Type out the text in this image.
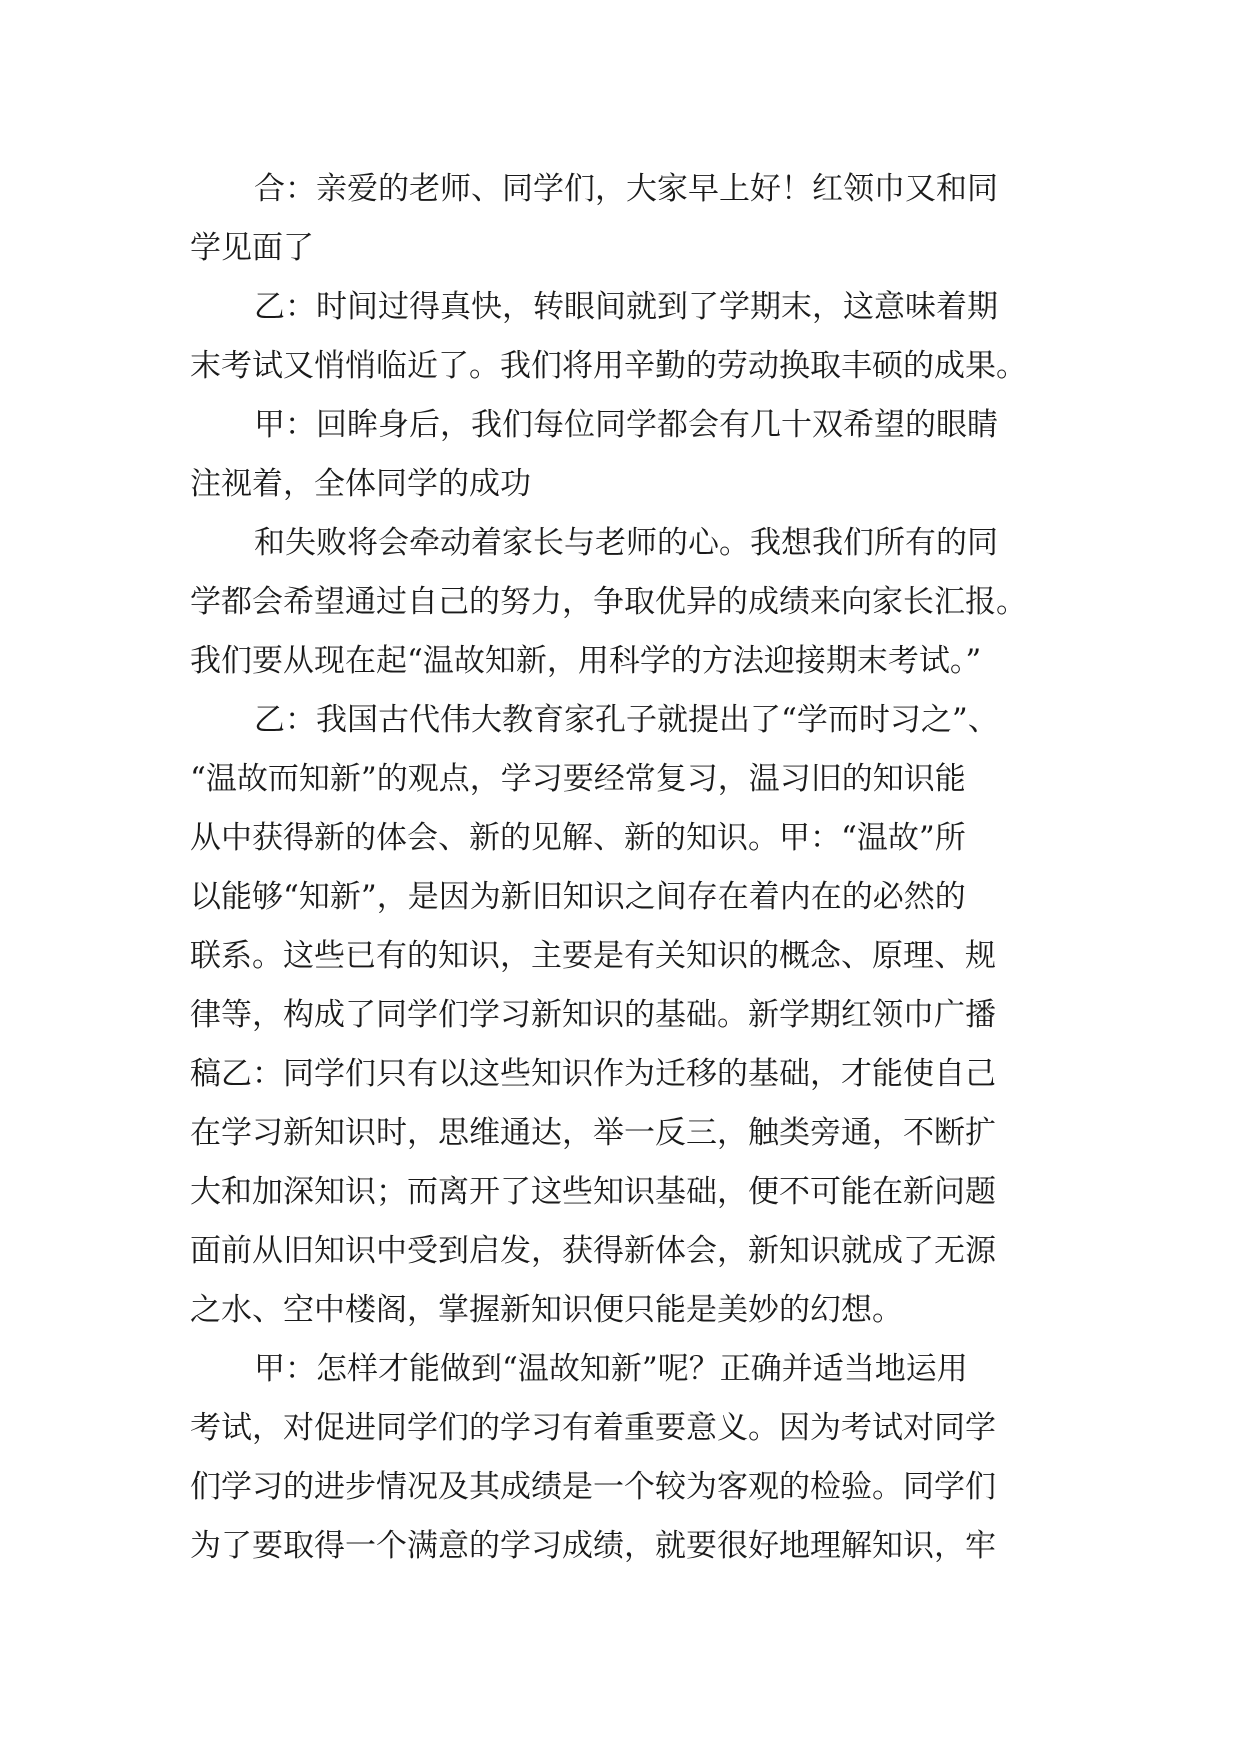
合：亲爱的老师、同学们，大家早上好！红领巾又和同
学见面了
乙：时间过得真快，转眼间就到了学期末，这意味着期
末考试又悄悄临近了。我们将用辛勤的劳动换取丰硕的成果。
甲：回眸身后，我们每位同学都会有几十双希望的眼睛
注视着，全体同学的成功
和失败将会牵动着家长与老师的心。我想我们所有的同
学都会希望通过自己的努力，争取优异的成绩来向家长汇报。
我们要从现在起“温故知新，用科学的方法迎接期末考试。”
乙：我国古代伟大教育家孔子就提出了“学而时习之”、
“温故而知新”的观点，学习要经常复习，温习旧的知识能
从中获得新的体会、新的见解、新的知识。甲：“温故”所
以能够“知新”，是因为新旧知识之间存在着内在的必然的
联系。这些已有的知识，主要是有关知识的概念、原理、规
律等，构成了同学们学习新知识的基础。新学期红领巾广播
稿乙：同学们只有以这些知识作为迁移的基础，才能使自己
在学习新知识时，思维通达，举一反三，触类旁通，不断扩
大和加深知识；而离开了这些知识基础，便不可能在新问题
面前从旧知识中受到启发，获得新体会，新知识就成了无源
之水、空中楼阁，掌握新知识便只能是美妙的幻想。
甲：怎样才能做到“温故知新”呢？正确并适当地运用
考试，对促进同学们的学习有着重要意义。因为考试对同学
们学习的进步情况及其成绩是一个较为客观的检验。同学们
为了要取得一个满意的学习成绩，就要很好地理解知识，牢
